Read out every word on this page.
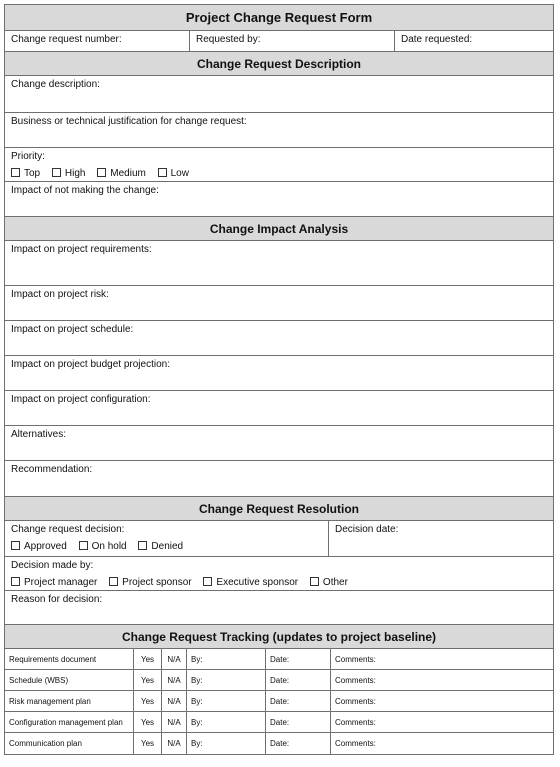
Project Change Request Form
Change request number:	Requested by:	Date requested:
Change Request Description
Change description:
Business or technical justification for change request:
Priority:
Top High Medium Low
Impact of not making the change:
Change Impact Analysis
Impact on project requirements:
Impact on project risk:
Impact on project schedule:
Impact on project budget projection:
Impact on project configuration:
Alternatives:
Recommendation:
Change Request Resolution
Change request decision:
Approved On hold Denied
Decision date:
Decision made by:
Project manager Project sponsor Executive sponsor Other
Reason for decision:
Change Request Tracking (updates to project baseline)
Requirements document	Yes	N/A	By:	Date:	Comments:
Schedule (WBS)	Yes	N/A	By:	Date:	Comments:
Risk management plan	Yes	N/A	By:	Date:	Comments:
Configuration management plan	Yes	N/A	By:	Date:	Comments:
Communication plan	Yes	N/A	By:	Date:	Comments:
